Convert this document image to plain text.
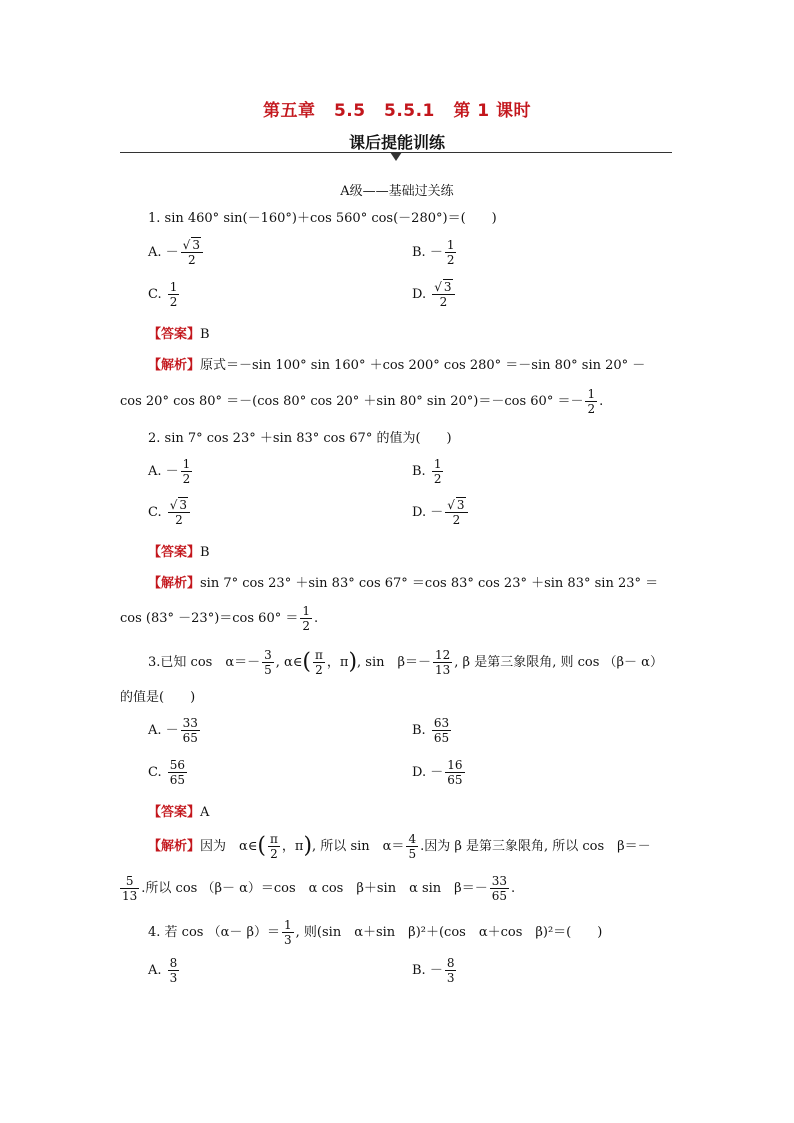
第五章 5.5 5.5.1 第 1 课时
课后提能训练
A级——基础过关练
1. sin 460° sin(－160°)＋cos 560° cos(－280°)＝(　　)
A. － $\frac{√ 3}{2}$	B. － $\frac{1}{2}$
C. $\frac{1}{2}$	D. $\frac{√ 3}{2}$
【答案】B
【解析】原式＝－sin 100° sin 160° ＋cos 200° cos 280° ＝－sin 80° sin 20° －
cos 20° cos 80° ＝－(cos 80° cos 20° ＋sin 80° sin 20°)＝－cos $60^\circ =- \frac{1}{2}$ .
2. sin 7° cos 23° ＋sin 83° cos 67° 的值为(　　)
A. － $\frac{1}{2}$	B. $\frac{1}{2}$
C. $\frac{√ 3}{2}$	D. － $\frac{√ 3}{2}$
【答案】B
【解析】sin 7° cos 23° ＋sin 83° cos 67° ＝cos 83° cos 23° ＋sin 83° sin 23° ＝
cos (83° －23°)＝cos $60^\circ = \frac{1}{2}$ .
3.已知 cos　$\alpha=- \frac{3}{5}$ , α∈( $\frac{\pi}{2}$ ，π), sin　$\beta=- \frac{12}{13}$ , β 是第三象限角, 则 cos （β－ α）
的值是(　　)
A. － $\frac{33}{65}$	B. $\frac{63}{65}$
C. $\frac{56}{65}$	D. － $\frac{16}{65}$
【答案】A
【解析】因为　α∈( $\frac{\pi}{2}$ ，π), 所以 sin　$\alpha= \frac{4}{5}$ .因为 β 是第三象限角, 所以 cos　β＝－
$\frac{5}{13}$ .所以 cos （β－ α）＝cos　α cos　β＋sin　α sin　$\beta=- \frac{33}{65}$ .
4. 若 $\cos (\alpha- \beta)= \frac{1}{3}$ , 则(sin　α＋sin　β)²＋(cos　α＋cos　β)²＝(　　)
A. $\frac{8}{3}$	B. － $\frac{8}{3}$
